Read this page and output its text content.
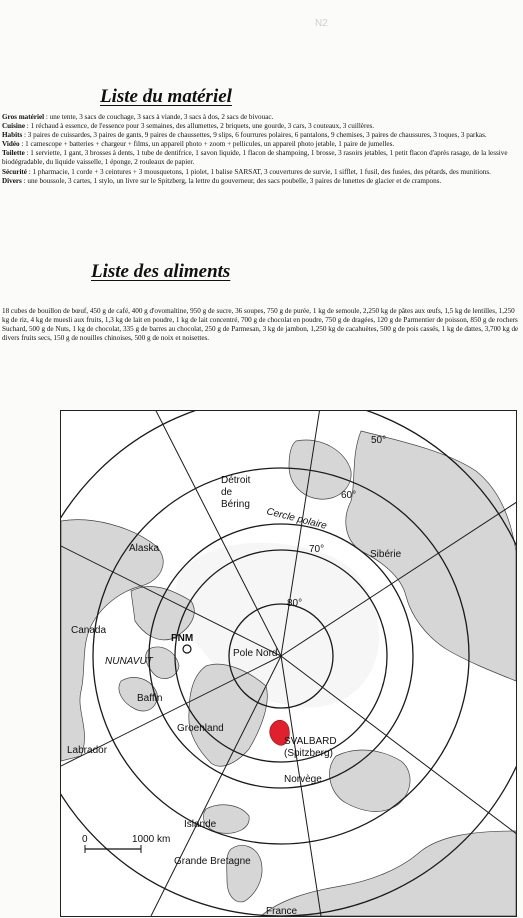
N2
Liste du matériel

Gros matériel : une tente, 3 sacs de couchage, 3 sacs à viande, 3 sacs à dos, 2 sacs de bivouac.

Cuisine : 1 réchaud à essence, de l'essence pour 3 semaines, des allumettes, 2 briquets, une gourde, 3 cars, 3 couteaux, 3 cuillères.

Habits : 3 paires de cuissardes, 3 paires de gants, 9 paires de chaussettes, 9 slips, 6 fourrures polaires, 6 pantalons, 9 chemises, 3 paires de chaussures, 3 toques, 3 parkas.

Vidéo : 1 camescope + batteries + chargeur + films, un appareil photo + zoom + pellicules, un appareil photo jetable, 1 paire de jumelles.

Toilette : 1 serviette, 1 gant, 3 brosses à dents, 1 tube de dentifrice, 1 savon liquide, 1 flacon de shampoing, 1 brosse, 3 rasoirs jetables, 1 petit flacon d'après rasage, de la lessive biodégradable, du liquide vaisselle, 1 éponge, 2 rouleaux de papier.

Sécurité : 1 pharmacie, 1 corde + 3 ceintures + 3 mousquetons, 1 piolet, 1 balise SARSAT, 3 couvertures de survie, 1 sifflet, 1 fusil, des fusées, des pétards, des munitions.

Divers : une boussole, 3 cartes, 1 stylo, un livre sur le Spitzberg, la lettre du gouverneur, des sacs poubelle, 3 paires de lunettes de glacier et de crampons.

Liste des aliments

18 cubes de bouillon de bœuf, 450 g de café, 400 g d'ovomaltine, 950 g de sucre, 36 soupes, 750 g de purée, 1 kg de semoule, 2,250 kg de pâtes aux œufs, 1,5 kg de lentilles, 1,250 kg de riz, 4 kg de muesli aux fruits, 1,3 kg de lait en poudre, 1 kg de lait concentré, 700 g de chocolat en poudre, 750 g de dragées, 120 g de Parmentier de poisson, 850 g de rochers Suchard, 500 g de Nuts, 1 kg de chocolat, 335 g de barres au chocolat, 250 g de Parmesan, 3 kg de jambon, 1,250 kg de cacahuètes, 500 g de pois cassés, 1 kg de dattes, 3,700 kg de divers fruits secs, 150 g de nouilles chinoises, 500 g de noix et noisettes.

Détroit
de
Béring
Cercle polaire
Alaska
Sibérie
Canada
PNM
NUNAVUT
Pole Nord
Baffin
Groenland
Labrador
SVALBARD
(Spitzberg)
Norvège
Islande
Grande Bretagne
France
50°
60°
70°
80°
0	1000 km
